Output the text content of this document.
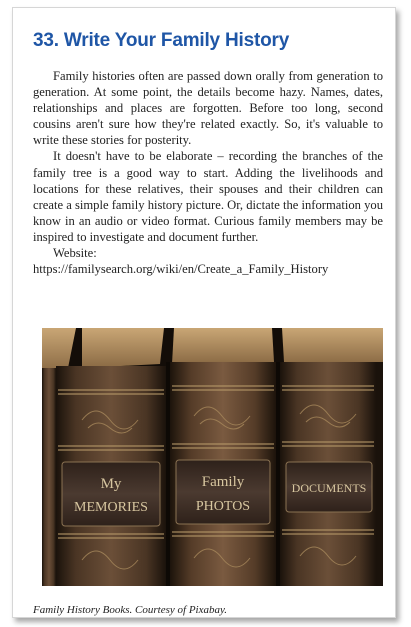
33. Write Your Family History

Family histories often are passed down orally from generation to generation. At some point, the details become hazy. Names, dates, relationships and places are forgotten. Before too long, second cousins aren't sure how they're related exactly. So, it's valuable to write these stories for posterity.

It doesn't have to be elaborate – recording the branches of the family tree is a good way to start. Adding the livelihoods and locations for these relatives, their spouses and their children can create a simple family history picture. Or, dictate the information you know in an audio or video format. Curious family members may be inspired to investigate and document further.

Website: https://familysearch.org/wiki/en/Create_a_Family_History

My
MEMORIES
Family
PHOTOS
DOCUMENTS
Family History Books. Courtesy of Pixabay.
